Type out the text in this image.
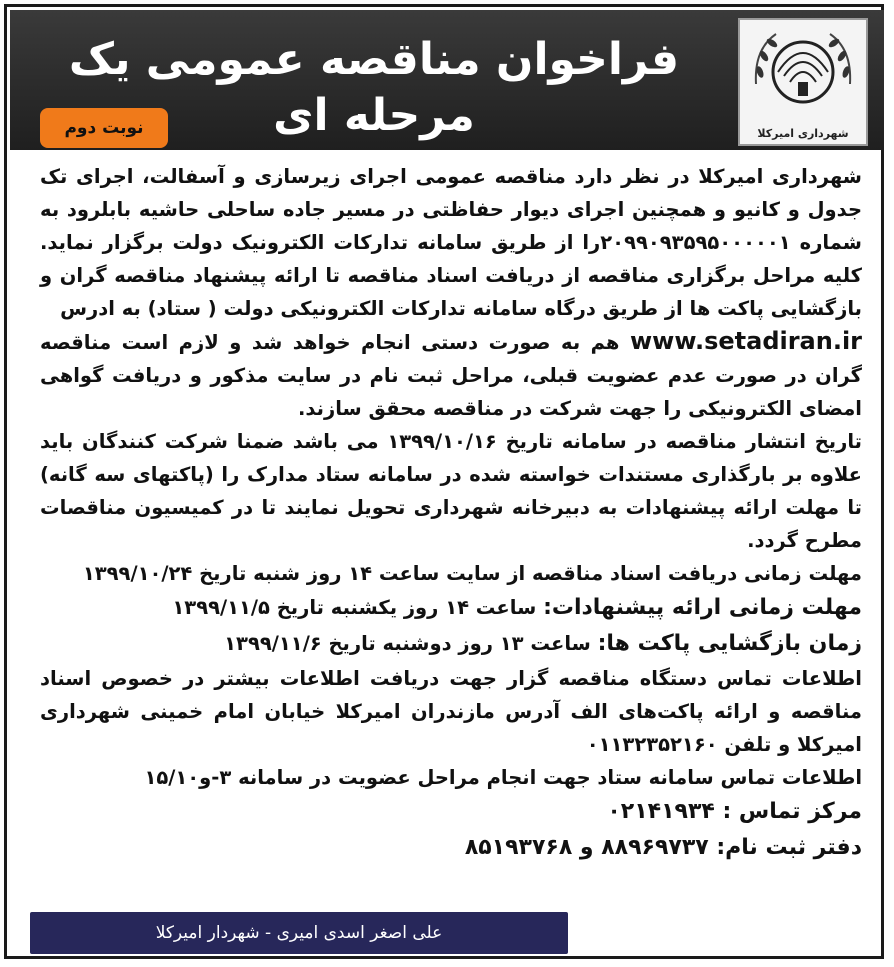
فراخوان مناقصه عمومی یک مرحله ای	شهرداری امیرکلا
نوبت دوم

شهرداری امیرکلا در نظر دارد مناقصه عمومی اجرای زیرسازی و آسفالت، اجرای تک جدول و کانیو و همچنین اجرای دیوار حفاظتی در مسیر جاده ساحلی حاشیه بابلرود به شماره ۲۰۹۹۰۹۳۵۹۵۰۰۰۰۰۱را از طریق سامانه تدارکات الکترونیک دولت برگزار نماید. کلیه مراحل برگزاری مناقصه از دریافت اسناد مناقصه تا ارائه پیشنهاد مناقصه گران و بازگشایی پاکت ها از طریق درگاه سامانه تدارکات الکترونیکی دولت ( ستاد) به ادرس

www.setadiran.ir هم به صورت دستی انجام خواهد شد و لازم است مناقصه گران در صورت عدم عضویت قبلی، مراحل ثبت نام در سایت مذکور و دریافت گواهی امضای الکترونیکی را جهت شرکت در مناقصه محقق سازند.

تاریخ انتشار مناقصه در سامانه تاریخ ۱۳۹۹/۱۰/۱۶ می باشد ضمنا شرکت کنندگان باید علاوه بر بارگذاری مستندات خواسته شده در سامانه ستاد مدارک را (پاکتهای سه گانه) تا مهلت ارائه پیشنهادات به دبیرخانه شهرداری تحویل نمایند تا در کمیسیون مناقصات مطرح گردد.

مهلت زمانی دریافت اسناد مناقصه از سایت ساعت ۱۴ روز شنبه تاریخ ۱۳۹۹/۱۰/۲۴

مهلت زمانی ارائه پیشنهادات: ساعت ۱۴ روز یکشنبه تاریخ ۱۳۹۹/۱۱/۵

زمان بازگشایی پاکت ها: ساعت ۱۳ روز دوشنبه تاریخ ۱۳۹۹/۱۱/۶

اطلاعات تماس دستگاه مناقصه گزار جهت دریافت اطلاعات بیشتر در خصوص اسناد مناقصه و ارائه پاکت‌های الف آدرس مازندران امیرکلا خیابان امام خمینی شهرداری امیرکلا و تلفن ۰۱۱۳۲۳۵۲۱۶۰

اطلاعات تماس سامانه ستاد جهت انجام مراحل عضویت در سامانه ۳-و۱۵/۱۰

مرکز تماس : ۰۲۱۴۱۹۳۴

دفتر ثبت نام: ۸۸۹۶۹۷۳۷ و ۸۵۱۹۳۷۶۸

علی اصغر اسدی امیری - شهردار امیرکلا
